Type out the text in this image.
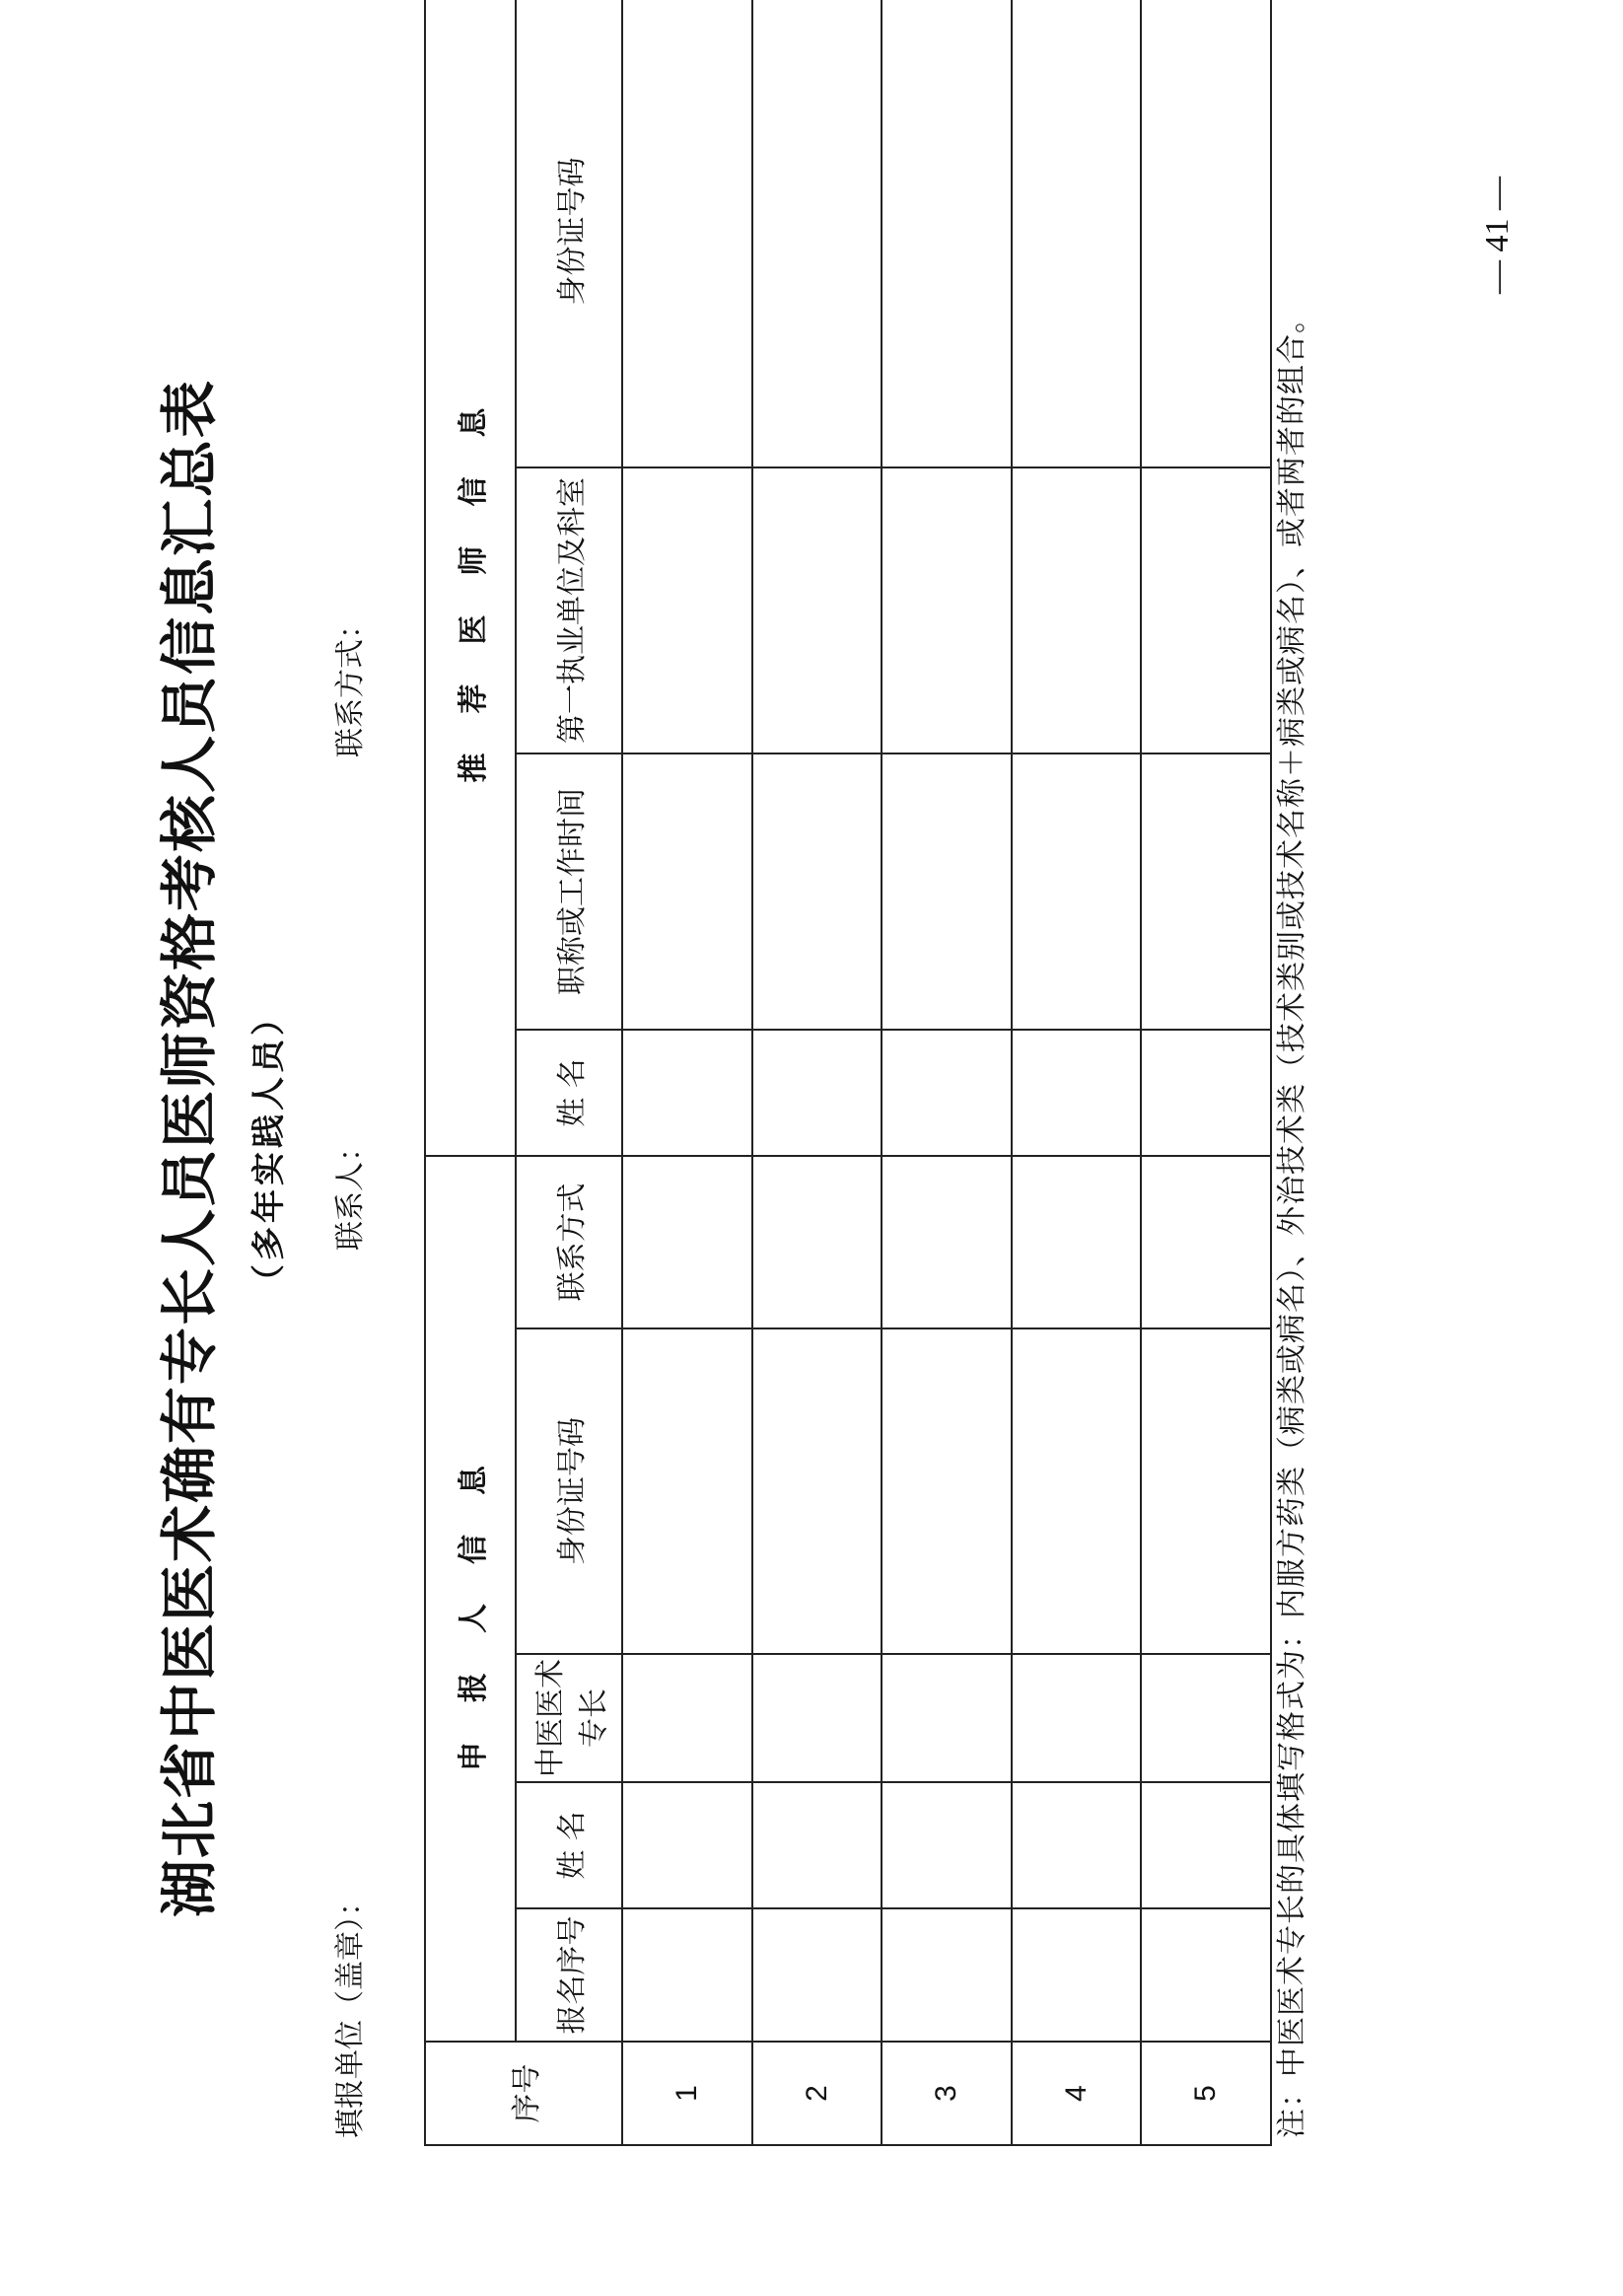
湖北省中医医术确有专长人员医师资格考核人员信息汇总表 （多年实践人员）
填报单位（盖章）：
联系人：
联系方式：
序号	申报人信息					推荐医师信息			
	报名序号	姓 名	中医医术专长	身份证号码	联系方式	姓 名	职称或工作时间	第一执业单位及科室	身份证号码
1									
2									
3									
4									
5									注：中医医术专长的具体填写格式为：内服方药类（病类或病名）、外治技术类（技术类别或技术名称＋病类或病名）、或者两者的组合。
— 41 —
